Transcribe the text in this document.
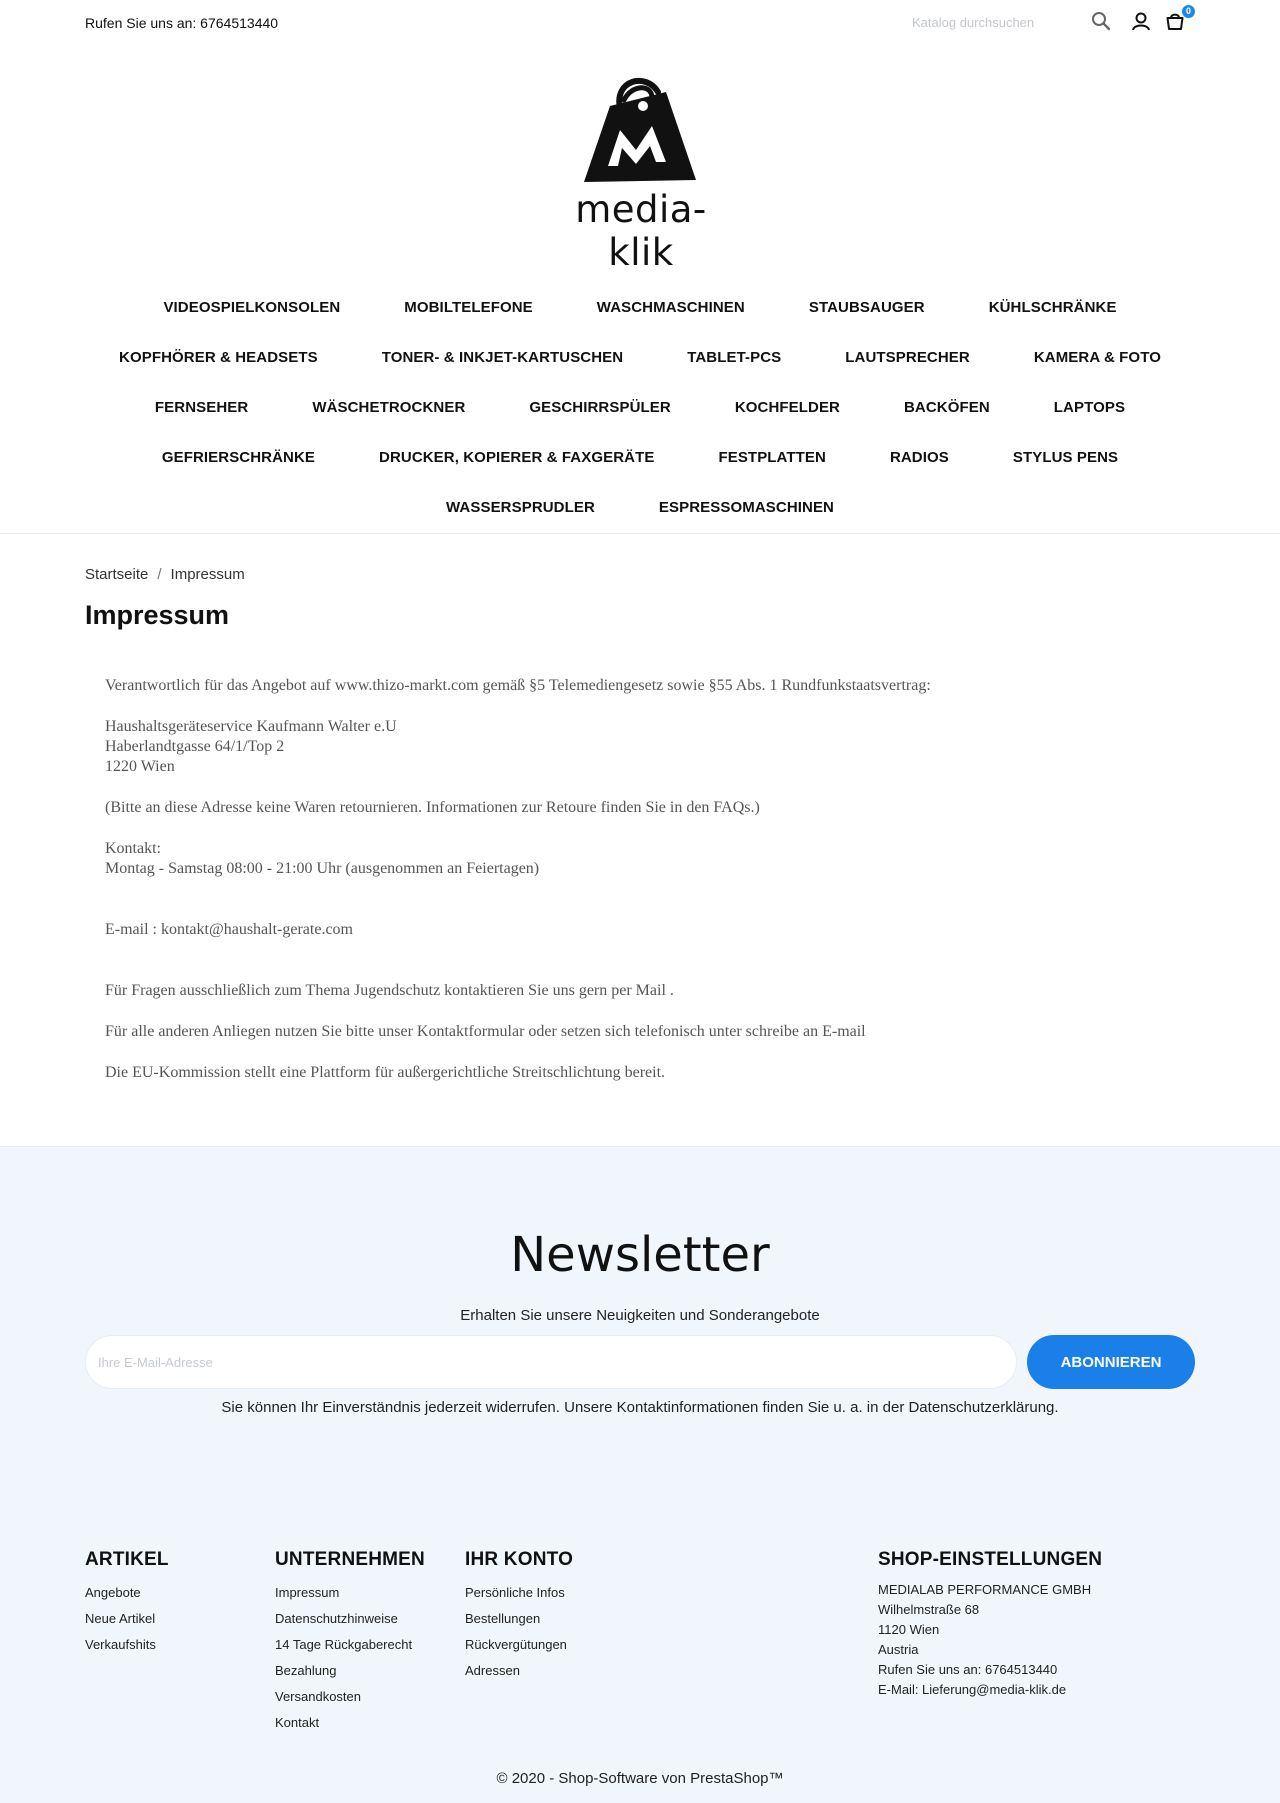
Rufen Sie uns an: 6764513440
Katalog durchsuchen
0
media-klik
VIDEOSPIELKONSOLEN	MOBILTELEFONE	WASCHMASCHINEN	STAUBSAUGER	KÜHLSCHRÄNKE
KOPFHÖRER & HEADSETS	TONER- & INKJET-KARTUSCHEN	TABLET-PCS	LAUTSPRECHER	KAMERA & FOTO
FERNSEHER	WÄSCHETROCKNER	GESCHIRRSPÜLER	KOCHFELDER	BACKÖFEN	LAPTOPS
GEFRIERSCHRÄNKE	DRUCKER, KOPIERER & FAXGERÄTE	FESTPLATTEN	RADIOS	STYLUS PENS
WASSERSPRUDLER	ESPRESSOMASCHINEN
Startseite / Impressum
Impressum

Verantwortlich für das Angebot auf www.thizo-markt.com gemäß §5 Telemediengesetz sowie §55 Abs. 1 Rundfunkstaatsvertrag:

Haushaltsgeräteservice Kaufmann Walter e.U

Haberlandtgasse 64/1/Top 2

1220 Wien

(Bitte an diese Adresse keine Waren retournieren. Informationen zur Retoure finden Sie in den FAQs.)

Kontakt:

Montag - Samstag 08:00 - 21:00 Uhr (ausgenommen an Feiertagen)

E-mail : kontakt@haushalt-gerate.com

Für Fragen ausschließlich zum Thema Jugendschutz kontaktieren Sie uns gern per Mail .

Für alle anderen Anliegen nutzen Sie bitte unser Kontaktformular oder setzen sich telefonisch unter schreibe an E-mail

Die EU-Kommission stellt eine Plattform für außergerichtliche Streitschlichtung bereit.

Newsletter
Erhalten Sie unsere Neuigkeiten und Sonderangebote
Ihre E-Mail-Adresse
ABONNIEREN
Sie können Ihr Einverständnis jederzeit widerrufen. Unsere Kontaktinformationen finden Sie u. a. in der Datenschutzerklärung.
ARTIKEL
Angebote
Neue Artikel
Verkaufshits
UNTERNEHMEN
Impressum
Datenschutzhinweise
14 Tage Rückgaberecht
Bezahlung
Versandkosten
Kontakt
IHR KONTO
Persönliche Infos
Bestellungen
Rückvergütungen
Adressen
SHOP-EINSTELLUNGEN
MEDIALAB PERFORMANCE GMBH
Wilhelmstraße 68
1120 Wien
Austria
Rufen Sie uns an: 6764513440
E-Mail: Lieferung@media-klik.de
© 2020 - Shop-Software von PrestaShop™
